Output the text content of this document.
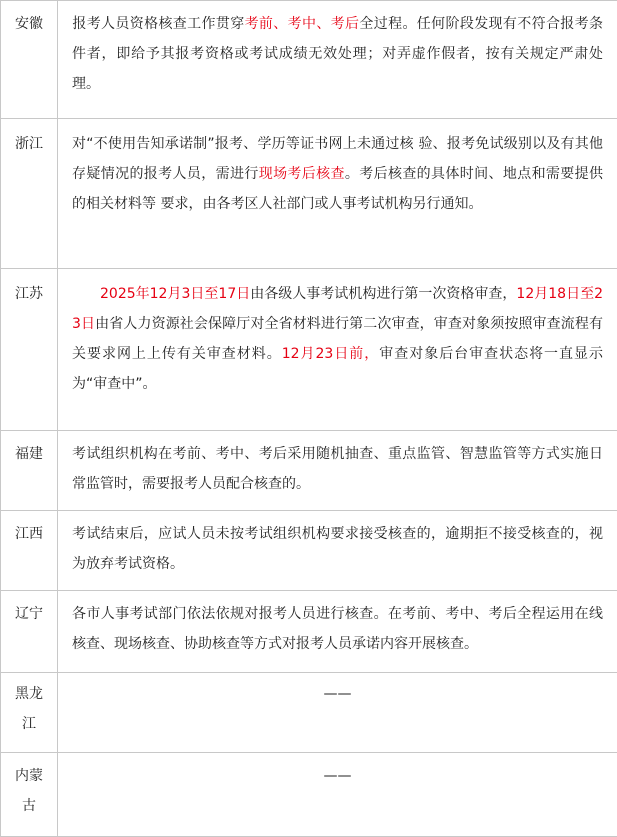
安徽	报考人员资格核查工作贯穿考前、考中、考后全过程。任何阶段发现有不符合报考条件者，即给予其报考资格或考试成绩无效处理；对弄虚作假者，按有关规定严肃处理。

浙江	对“不使用告知承诺制”报考、学历等证书网上未通过核 验、报考免试级别以及有其他存疑情况的报考人员，需进行现场考后核查。考后核查的具体时间、地点和需要提供的相关材料等 要求，由各考区人社部门或人事考试机构另行通知。

江苏	2025年12月3日至17日由各级人事考试机构进行第一次资格审查，12月18日至23日由省人力资源社会保障厅对全省材料进行第二次审查，审查对象须按照审查流程有关要求网上上传有关审查材料。12月23日前，审查对象后台审查状态将一直显示为“审查中”。

福建	考试组织机构在考前、考中、考后采用随机抽查、重点监管、智慧监管等方式实施日常监管时，需要报考人员配合核查的。

江西	考试结束后，应试人员未按考试组织机构要求接受核查的，逾期拒不接受核查的，视为放弃考试资格。

辽宁	各市人事考试部门依法依规对报考人员进行核查。在考前、考中、考后全程运用在线核查、现场核查、协助核查等方式对报考人员承诺内容开展核查。

黑龙江	——

内蒙古	——
